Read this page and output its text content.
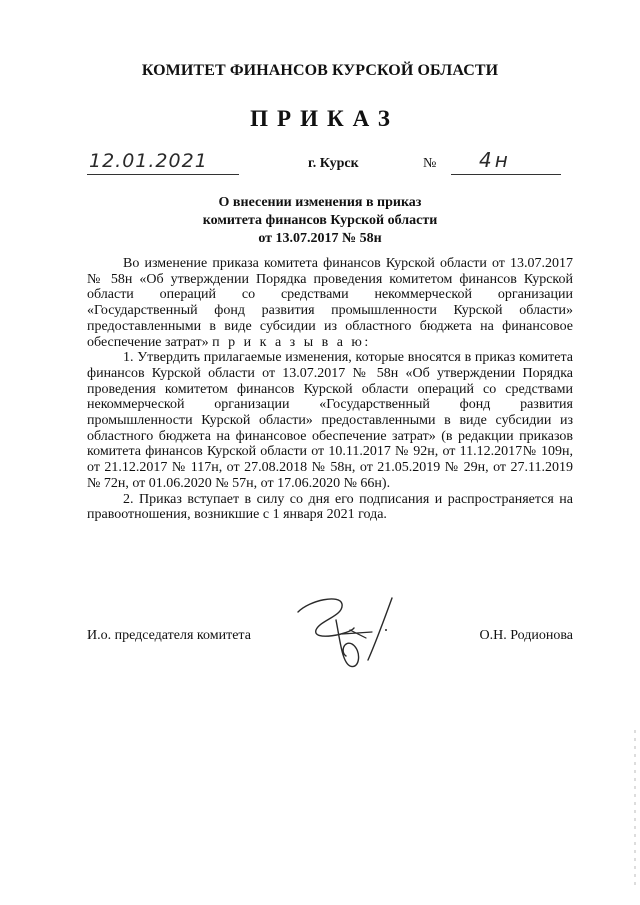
КОМИТЕТ ФИНАНСОВ КУРСКОЙ ОБЛАСТИ
ПРИКАЗ
12.01.2021	г. Курск	№ 4н
О внесении изменения в приказ
комитета финансов Курской области
от 13.07.2017 № 58н

Во изменение приказа комитета финансов Курской области от 13.07.2017 № 58н «Об утверждении Порядка проведения комитетом финансов Курской области операций со средствами некоммерческой организации «Государственный фонд развития промышленности Курской области» предоставленными в виде субсидии из областного бюджета на финансовое обеспечение затрат» п р и к а з ы в а ю:

1. Утвердить прилагаемые изменения, которые вносятся в приказ комитета финансов Курской области от 13.07.2017 № 58н «Об утверждении Порядка проведения комитетом финансов Курской области операций со средствами некоммерческой организации «Государственный фонд развития промышленности Курской области» предоставленными в виде субсидии из областного бюджета на финансовое обеспечение затрат» (в редакции приказов комитета финансов Курской области от 10.11.2017 № 92н, от 11.12.2017№ 109н, от 21.12.2017 № 117н, от 27.08.2018 № 58н, от 21.05.2019 № 29н, от 27.11.2019 № 72н, от 01.06.2020 № 57н, от 17.06.2020 № 66н).

2. Приказ вступает в силу со дня его подписания и распространяется на правоотношения, возникшие с 1 января 2021 года.

И.о. председателя комитета	О.Н. Родионова
